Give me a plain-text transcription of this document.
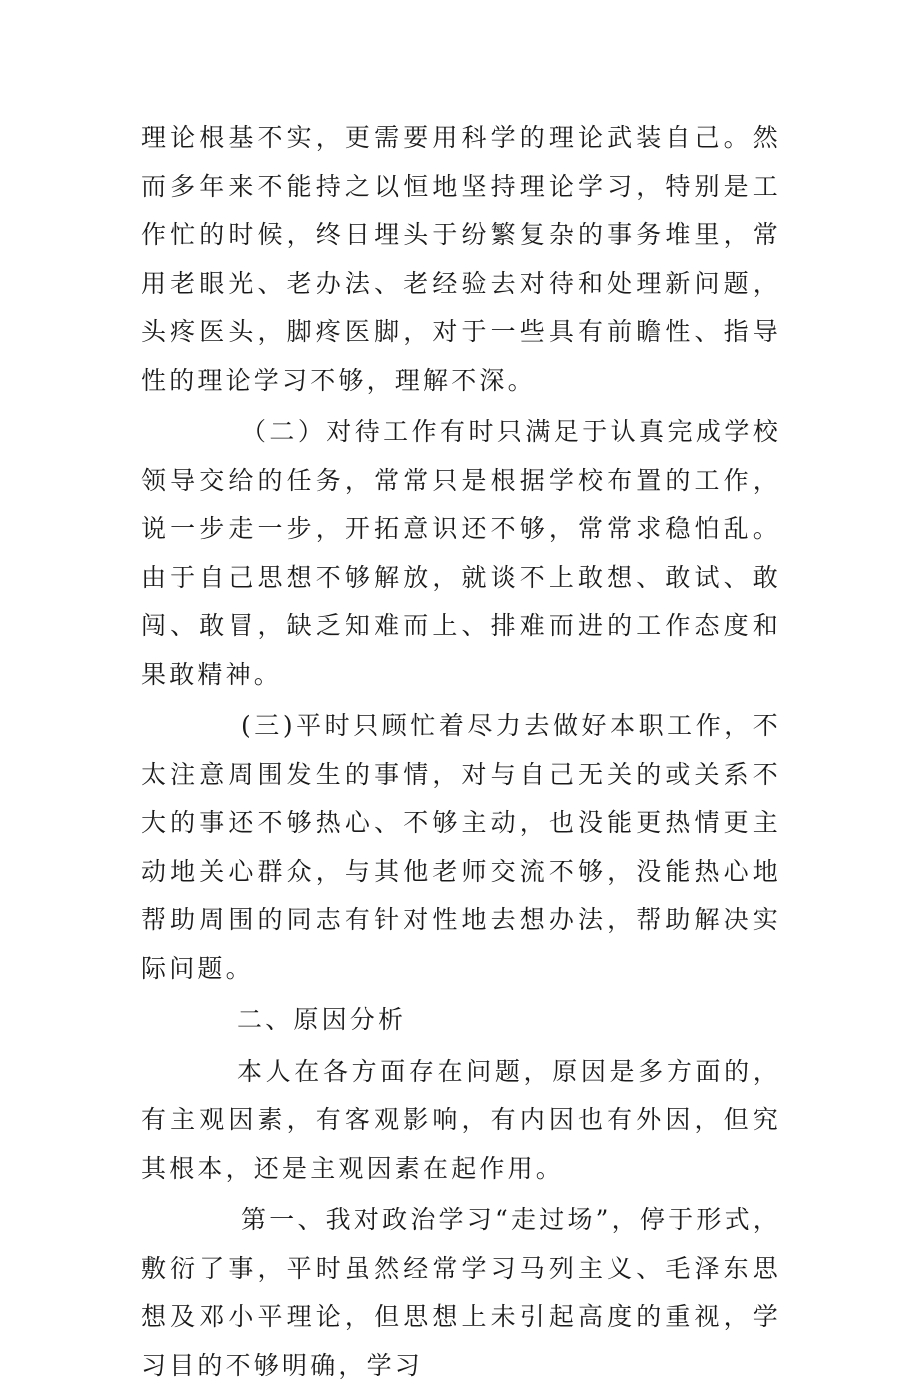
理论根基不实，更需要用科学的理论武装自己。然而多年来不能持之以恒地坚持理论学习，特别是工作忙的时候，终日埋头于纷繁复杂的事务堆里，常用老眼光、老办法、老经验去对待和处理新问题，头疼医头，脚疼医脚，对于一些具有前瞻性、指导性的理论学习不够，理解不深。

（二）对待工作有时只满足于认真完成学校领导交给的任务，常常只是根据学校布置的工作，说一步走一步，开拓意识还不够，常常求稳怕乱。由于自己思想不够解放，就谈不上敢想、敢试、敢闯、敢冒，缺乏知难而上、排难而进的工作态度和果敢精神。

(三)平时只顾忙着尽力去做好本职工作，不太注意周围发生的事情，对与自己无关的或关系不大的事还不够热心、不够主动，也没能更热情更主动地关心群众，与其他老师交流不够，没能热心地帮助周围的同志有针对性地去想办法，帮助解决实际问题。

二、原因分析

本人在各方面存在问题，原因是多方面的，有主观因素，有客观影响，有内因也有外因，但究其根本，还是主观因素在起作用。

第一、我对政治学习“走过场”，停于形式，敷衍了事，平时虽然经常学习马列主义、毛泽东思想及邓小平理论，但思想上未引起高度的重视，学习目的不够明确，学习
